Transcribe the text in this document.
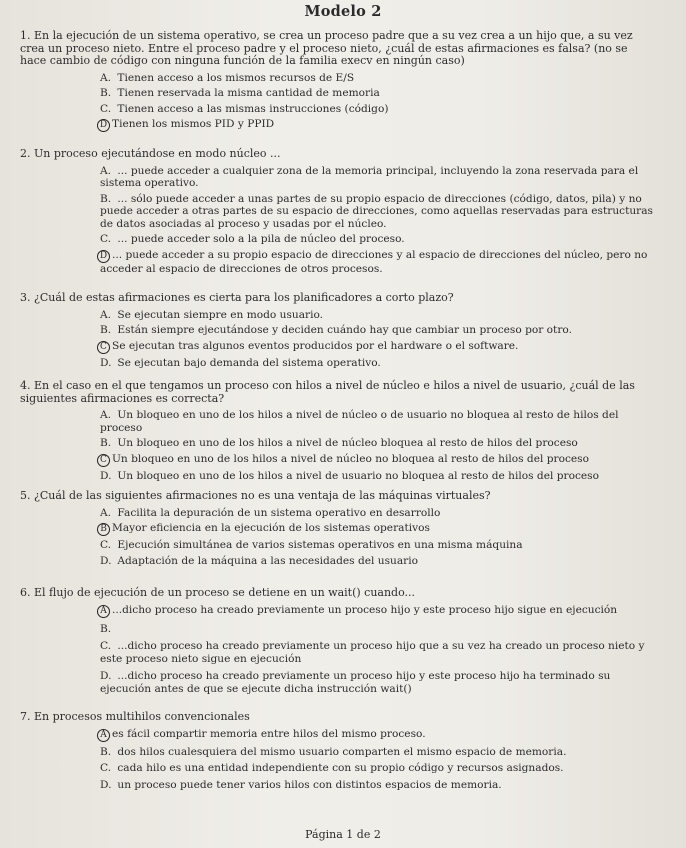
Modelo 2
1. En la ejecución de un sistema operativo, se crea un proceso padre que a su vez crea a un hijo que, a su vez crea un proceso nieto. Entre el proceso padre y el proceso nieto, ¿cuál de estas afirmaciones es falsa? (no se hace cambio de código con ninguna función de la familia execv en ningún caso)
A. Tienen acceso a los mismos recursos de E/S
B. Tienen reservada la misma cantidad de memoria
C. Tienen acceso a las mismas instrucciones (código)
D Tienen los mismos PID y PPID
2. Un proceso ejecutándose en modo núcleo ...
A. ... puede acceder a cualquier zona de la memoria principal, incluyendo la zona reservada para el sistema operativo.
B. ... sólo puede acceder a unas partes de su propio espacio de direcciones (código, datos, pila) y no puede acceder a otras partes de su espacio de direcciones, como aquellas reservadas para estructuras de datos asociadas al proceso y usadas por el núcleo.
C. ... puede acceder solo a la pila de núcleo del proceso.
D ... puede acceder a su propio espacio de direcciones y al espacio de direcciones del núcleo, pero no acceder al espacio de direcciones de otros procesos.
3. ¿Cuál de estas afirmaciones es cierta para los planificadores a corto plazo?
A. Se ejecutan siempre en modo usuario.
B. Están siempre ejecutándose y deciden cuándo hay que cambiar un proceso por otro.
C Se ejecutan tras algunos eventos producidos por el hardware o el software.
D. Se ejecutan bajo demanda del sistema operativo.
4. En el caso en el que tengamos un proceso con hilos a nivel de núcleo e hilos a nivel de usuario, ¿cuál de las siguientes afirmaciones es correcta?
A. Un bloqueo en uno de los hilos a nivel de núcleo o de usuario no bloquea al resto de hilos del proceso
B. Un bloqueo en uno de los hilos a nivel de núcleo bloquea al resto de hilos del proceso
C Un bloqueo en uno de los hilos a nivel de núcleo no bloquea al resto de hilos del proceso
D. Un bloqueo en uno de los hilos a nivel de usuario no bloquea al resto de hilos del proceso
5. ¿Cuál de las siguientes afirmaciones no es una ventaja de las máquinas virtuales?
A. Facilita la depuración de un sistema operativo en desarrollo
B Mayor eficiencia en la ejecución de los sistemas operativos
C. Ejecución simultánea de varios sistemas operativos en una misma máquina
D. Adaptación de la máquina a las necesidades del usuario
6. El flujo de ejecución de un proceso se detiene en un wait() cuando...
A ...dicho proceso ha creado previamente un proceso hijo y este proceso hijo sigue en ejecución
B.
C. ...dicho proceso ha creado previamente un proceso hijo que a su vez ha creado un proceso nieto y este proceso nieto sigue en ejecución
D. ...dicho proceso ha creado previamente un proceso hijo y este proceso hijo ha terminado su ejecución antes de que se ejecute dicha instrucción wait()
7. En procesos multihilos convencionales
A es fácil compartir memoria entre hilos del mismo proceso.
B. dos hilos cualesquiera del mismo usuario comparten el mismo espacio de memoria.
C. cada hilo es una entidad independiente con su propio código y recursos asignados.
D. un proceso puede tener varios hilos con distintos espacios de memoria.
Página 1 de 2
